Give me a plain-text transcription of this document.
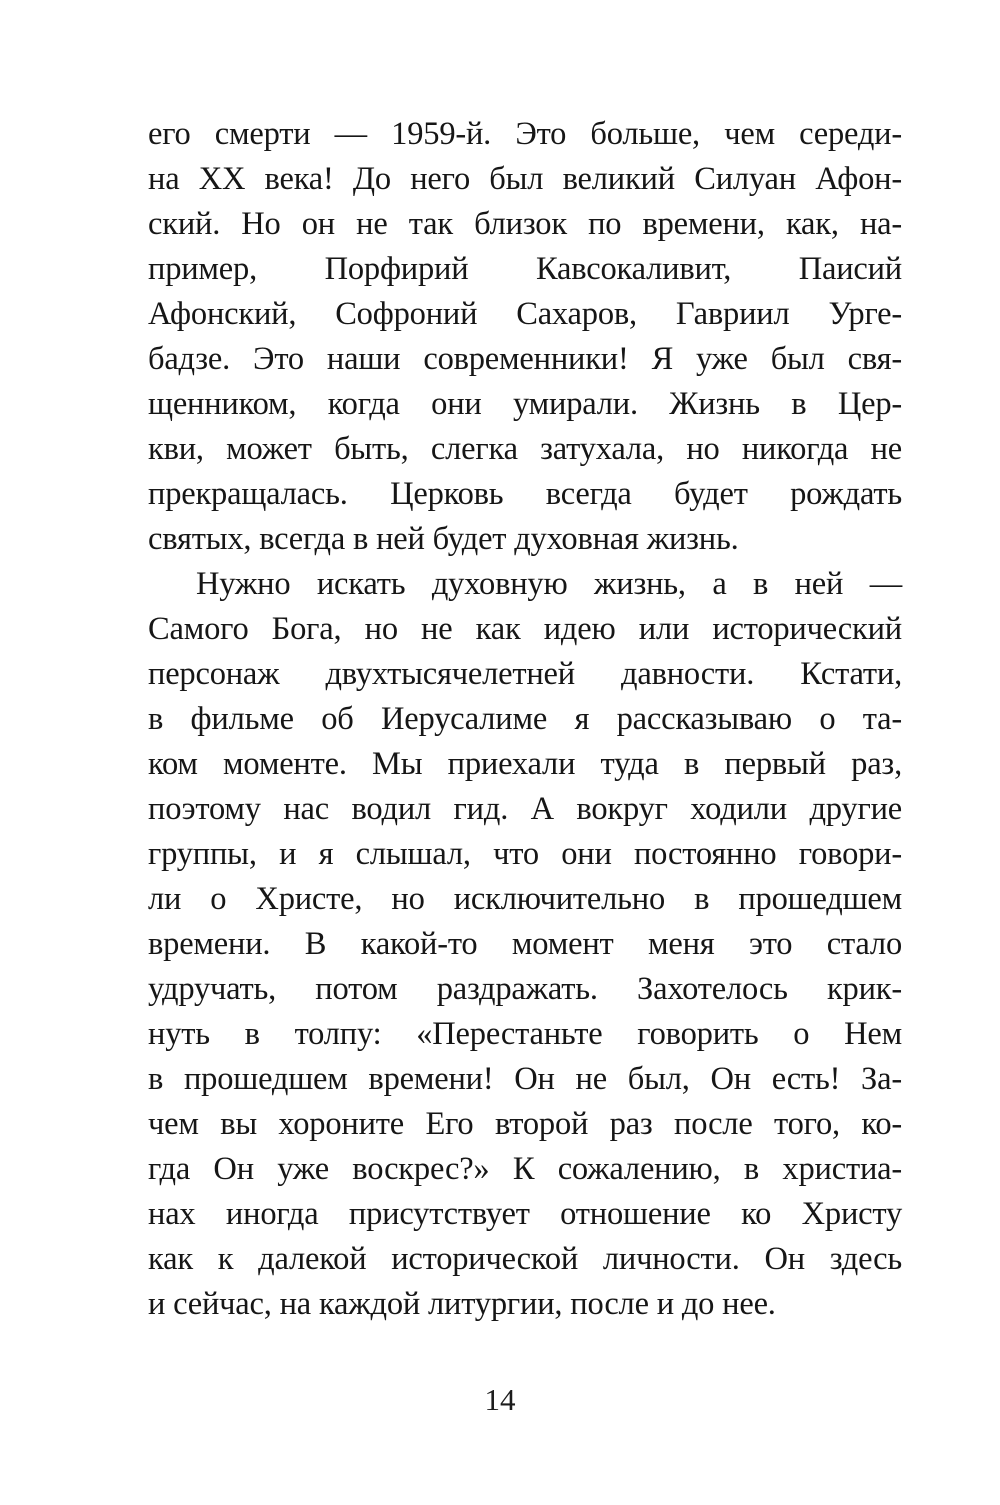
его смерти — 1959-й. Это больше, чем середи-
на XX века! До него был великий Силуан Афон-
ский. Но он не так близок по времени, как, на-
пример, Порфирий Кавсокаливит, Паисий
Афонский, Софроний Сахаров, Гавриил Урге-
бадзе. Это наши современники! Я уже был свя-
щенником, когда они умирали. Жизнь в Цер-
кви, может быть, слегка затухала, но никогда не
прекращалась. Церковь всегда будет рождать
святых, всегда в ней будет духовная жизнь.
Нужно искать духовную жизнь, а в ней —
Самого Бога, но не как идею или исторический
персонаж двухтысячелетней давности. Кстати,
в фильме об Иерусалиме я рассказываю о та-
ком моменте. Мы приехали туда в первый раз,
поэтому нас водил гид. А вокруг ходили другие
группы, и я слышал, что они постоянно говори-
ли о Христе, но исключительно в прошедшем
времени. В какой-то момент меня это стало
удручать, потом раздражать. Захотелось крик-
нуть в толпу: «Перестаньте говорить о Нем
в прошедшем времени! Он не был, Он есть! За-
чем вы хороните Его второй раз после того, ко-
гда Он уже воскрес?» К сожалению, в христиа-
нах иногда присутствует отношение ко Христу
как к далекой исторической личности. Он здесь
и сейчас, на каждой литургии, после и до нее.
14
